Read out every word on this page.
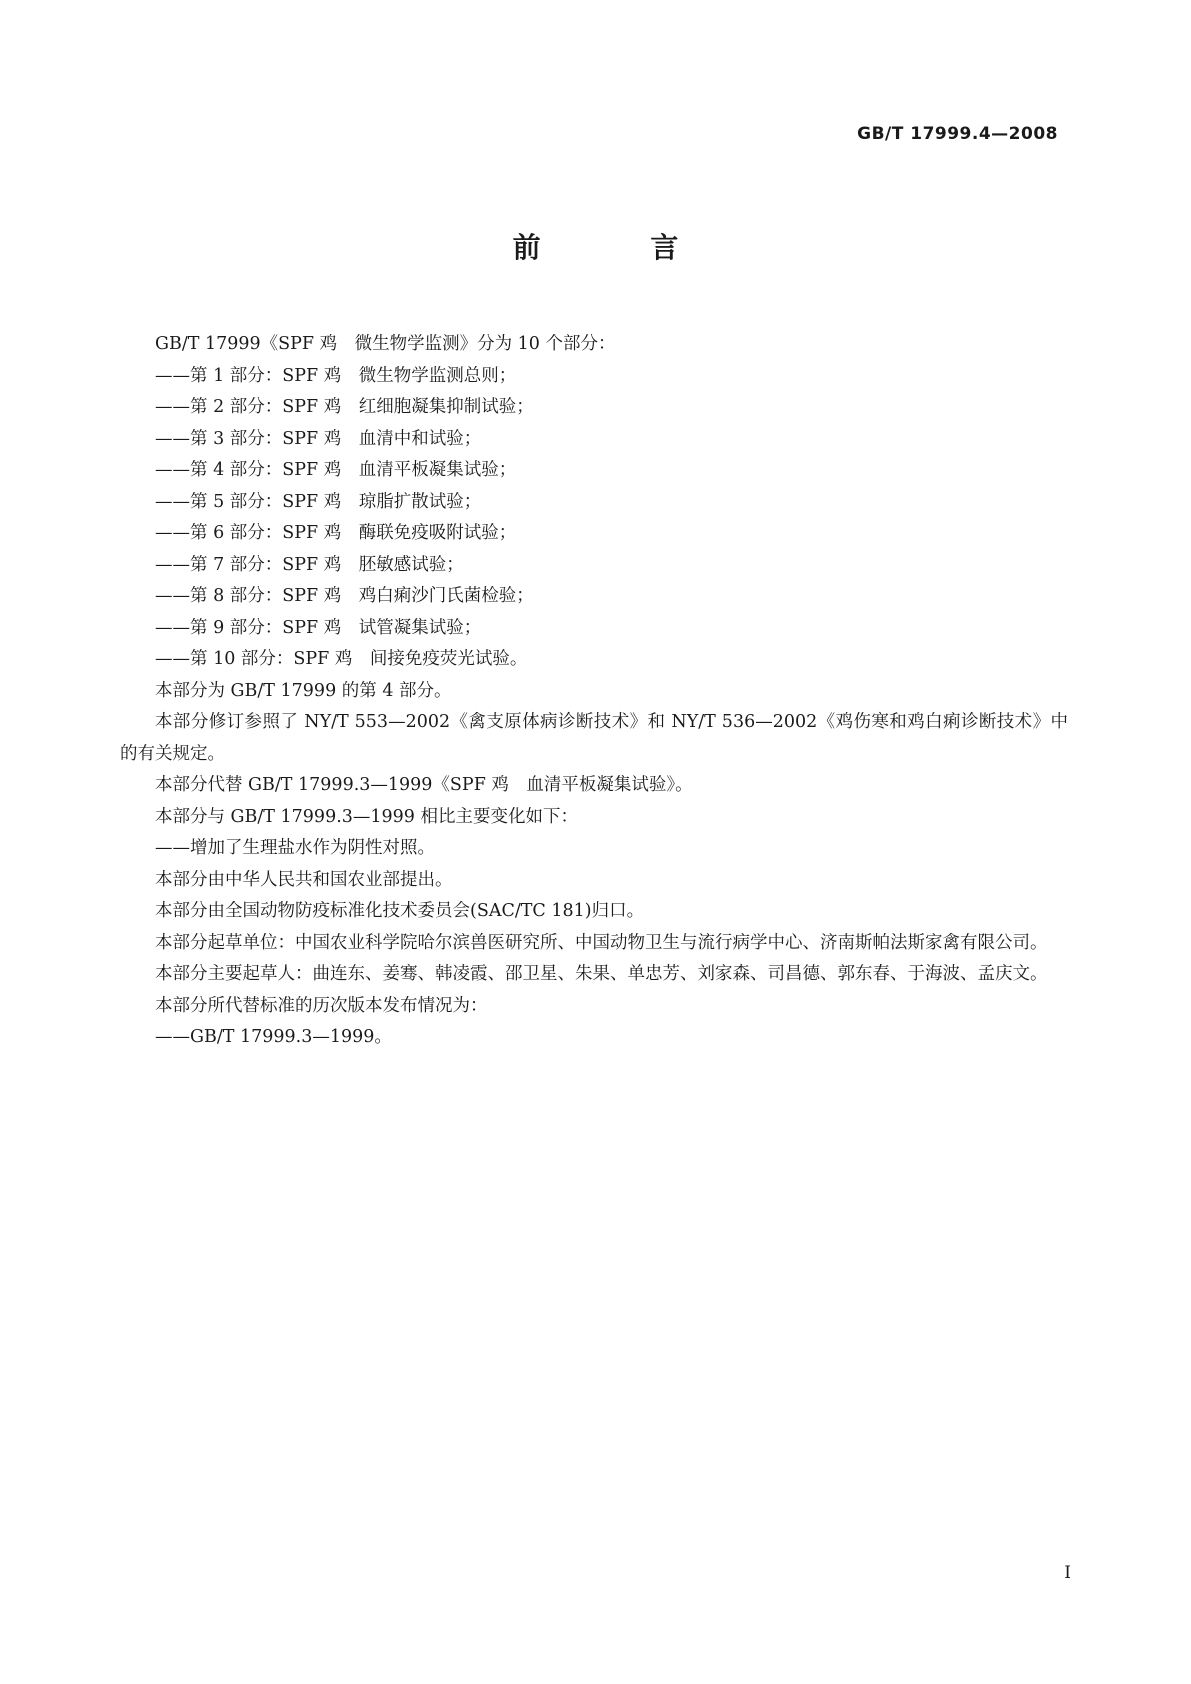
GB/T 17999.4—2008
前 言

GB/T 17999《SPF 鸡　微生物学监测》分为 10 个部分：

——第 1 部分：SPF 鸡　微生物学监测总则；

——第 2 部分：SPF 鸡　红细胞凝集抑制试验；

——第 3 部分：SPF 鸡　血清中和试验；

——第 4 部分：SPF 鸡　血清平板凝集试验；

——第 5 部分：SPF 鸡　琼脂扩散试验；

——第 6 部分：SPF 鸡　酶联免疫吸附试验；

——第 7 部分：SPF 鸡　胚敏感试验；

——第 8 部分：SPF 鸡　鸡白痢沙门氏菌检验；

——第 9 部分：SPF 鸡　试管凝集试验；

——第 10 部分：SPF 鸡　间接免疫荧光试验。

本部分为 GB/T 17999 的第 4 部分。

本部分修订参照了 NY/T 553—2002《禽支原体病诊断技术》和 NY/T 536—2002《鸡伤寒和鸡白痢诊断技术》中的有关规定。

本部分代替 GB/T 17999.3—1999《SPF 鸡　血清平板凝集试验》。

本部分与 GB/T 17999.3—1999 相比主要变化如下：

——增加了生理盐水作为阴性对照。

本部分由中华人民共和国农业部提出。

本部分由全国动物防疫标准化技术委员会(SAC/TC 181)归口。

本部分起草单位：中国农业科学院哈尔滨兽医研究所、中国动物卫生与流行病学中心、济南斯帕法斯家禽有限公司。

本部分主要起草人：曲连东、姜骞、韩凌霞、邵卫星、朱果、单忠芳、刘家森、司昌德、郭东春、于海波、孟庆文。

本部分所代替标准的历次版本发布情况为：

——GB/T 17999.3—1999。

I
